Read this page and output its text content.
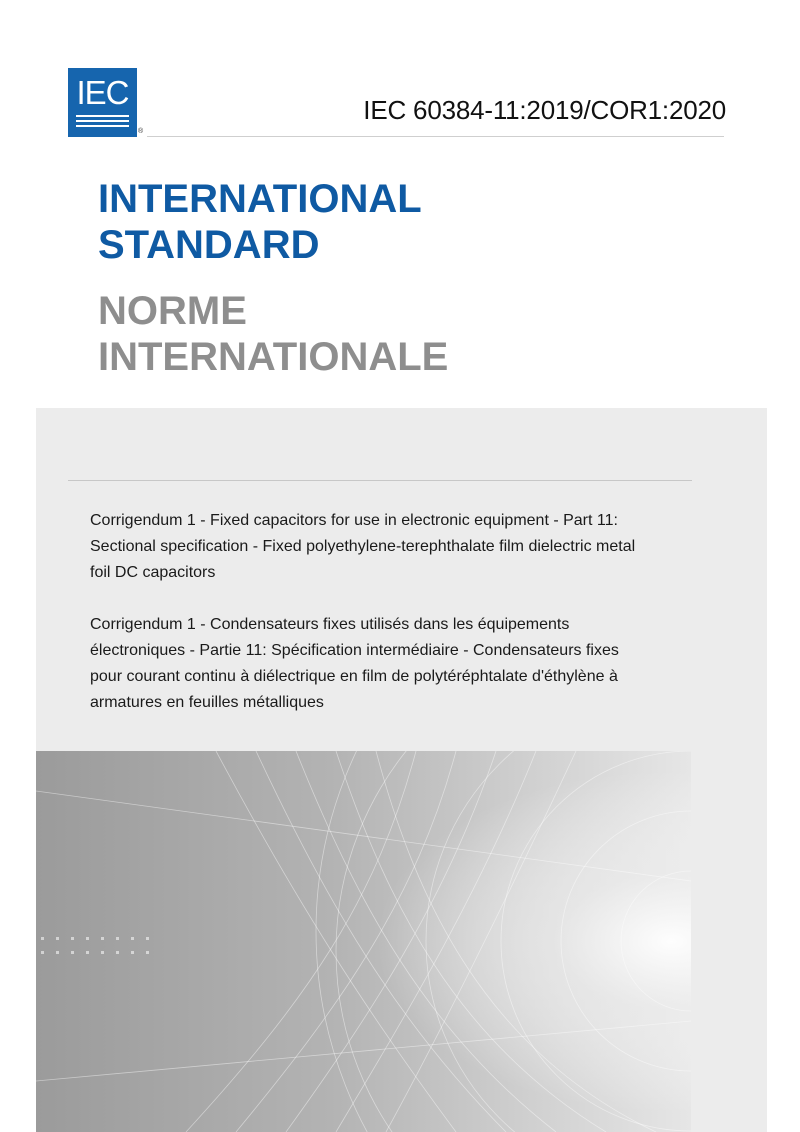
IEC
®
IEC 60384-11:2019/COR1:2020
INTERNATIONAL
STANDARD
NORME
INTERNATIONALE

Corrigendum 1 - Fixed capacitors for use in electronic equipment - Part 11: Sectional specification - Fixed polyethylene-terephthalate film dielectric metal foil DC capacitors

Corrigendum 1 - Condensateurs fixes utilisés dans les équipements électroniques - Partie 11: Spécification intermédiaire - Condensateurs fixes pour courant continu à diélectrique en film de polytéréphtalate d'éthylène à armatures en feuilles métalliques
